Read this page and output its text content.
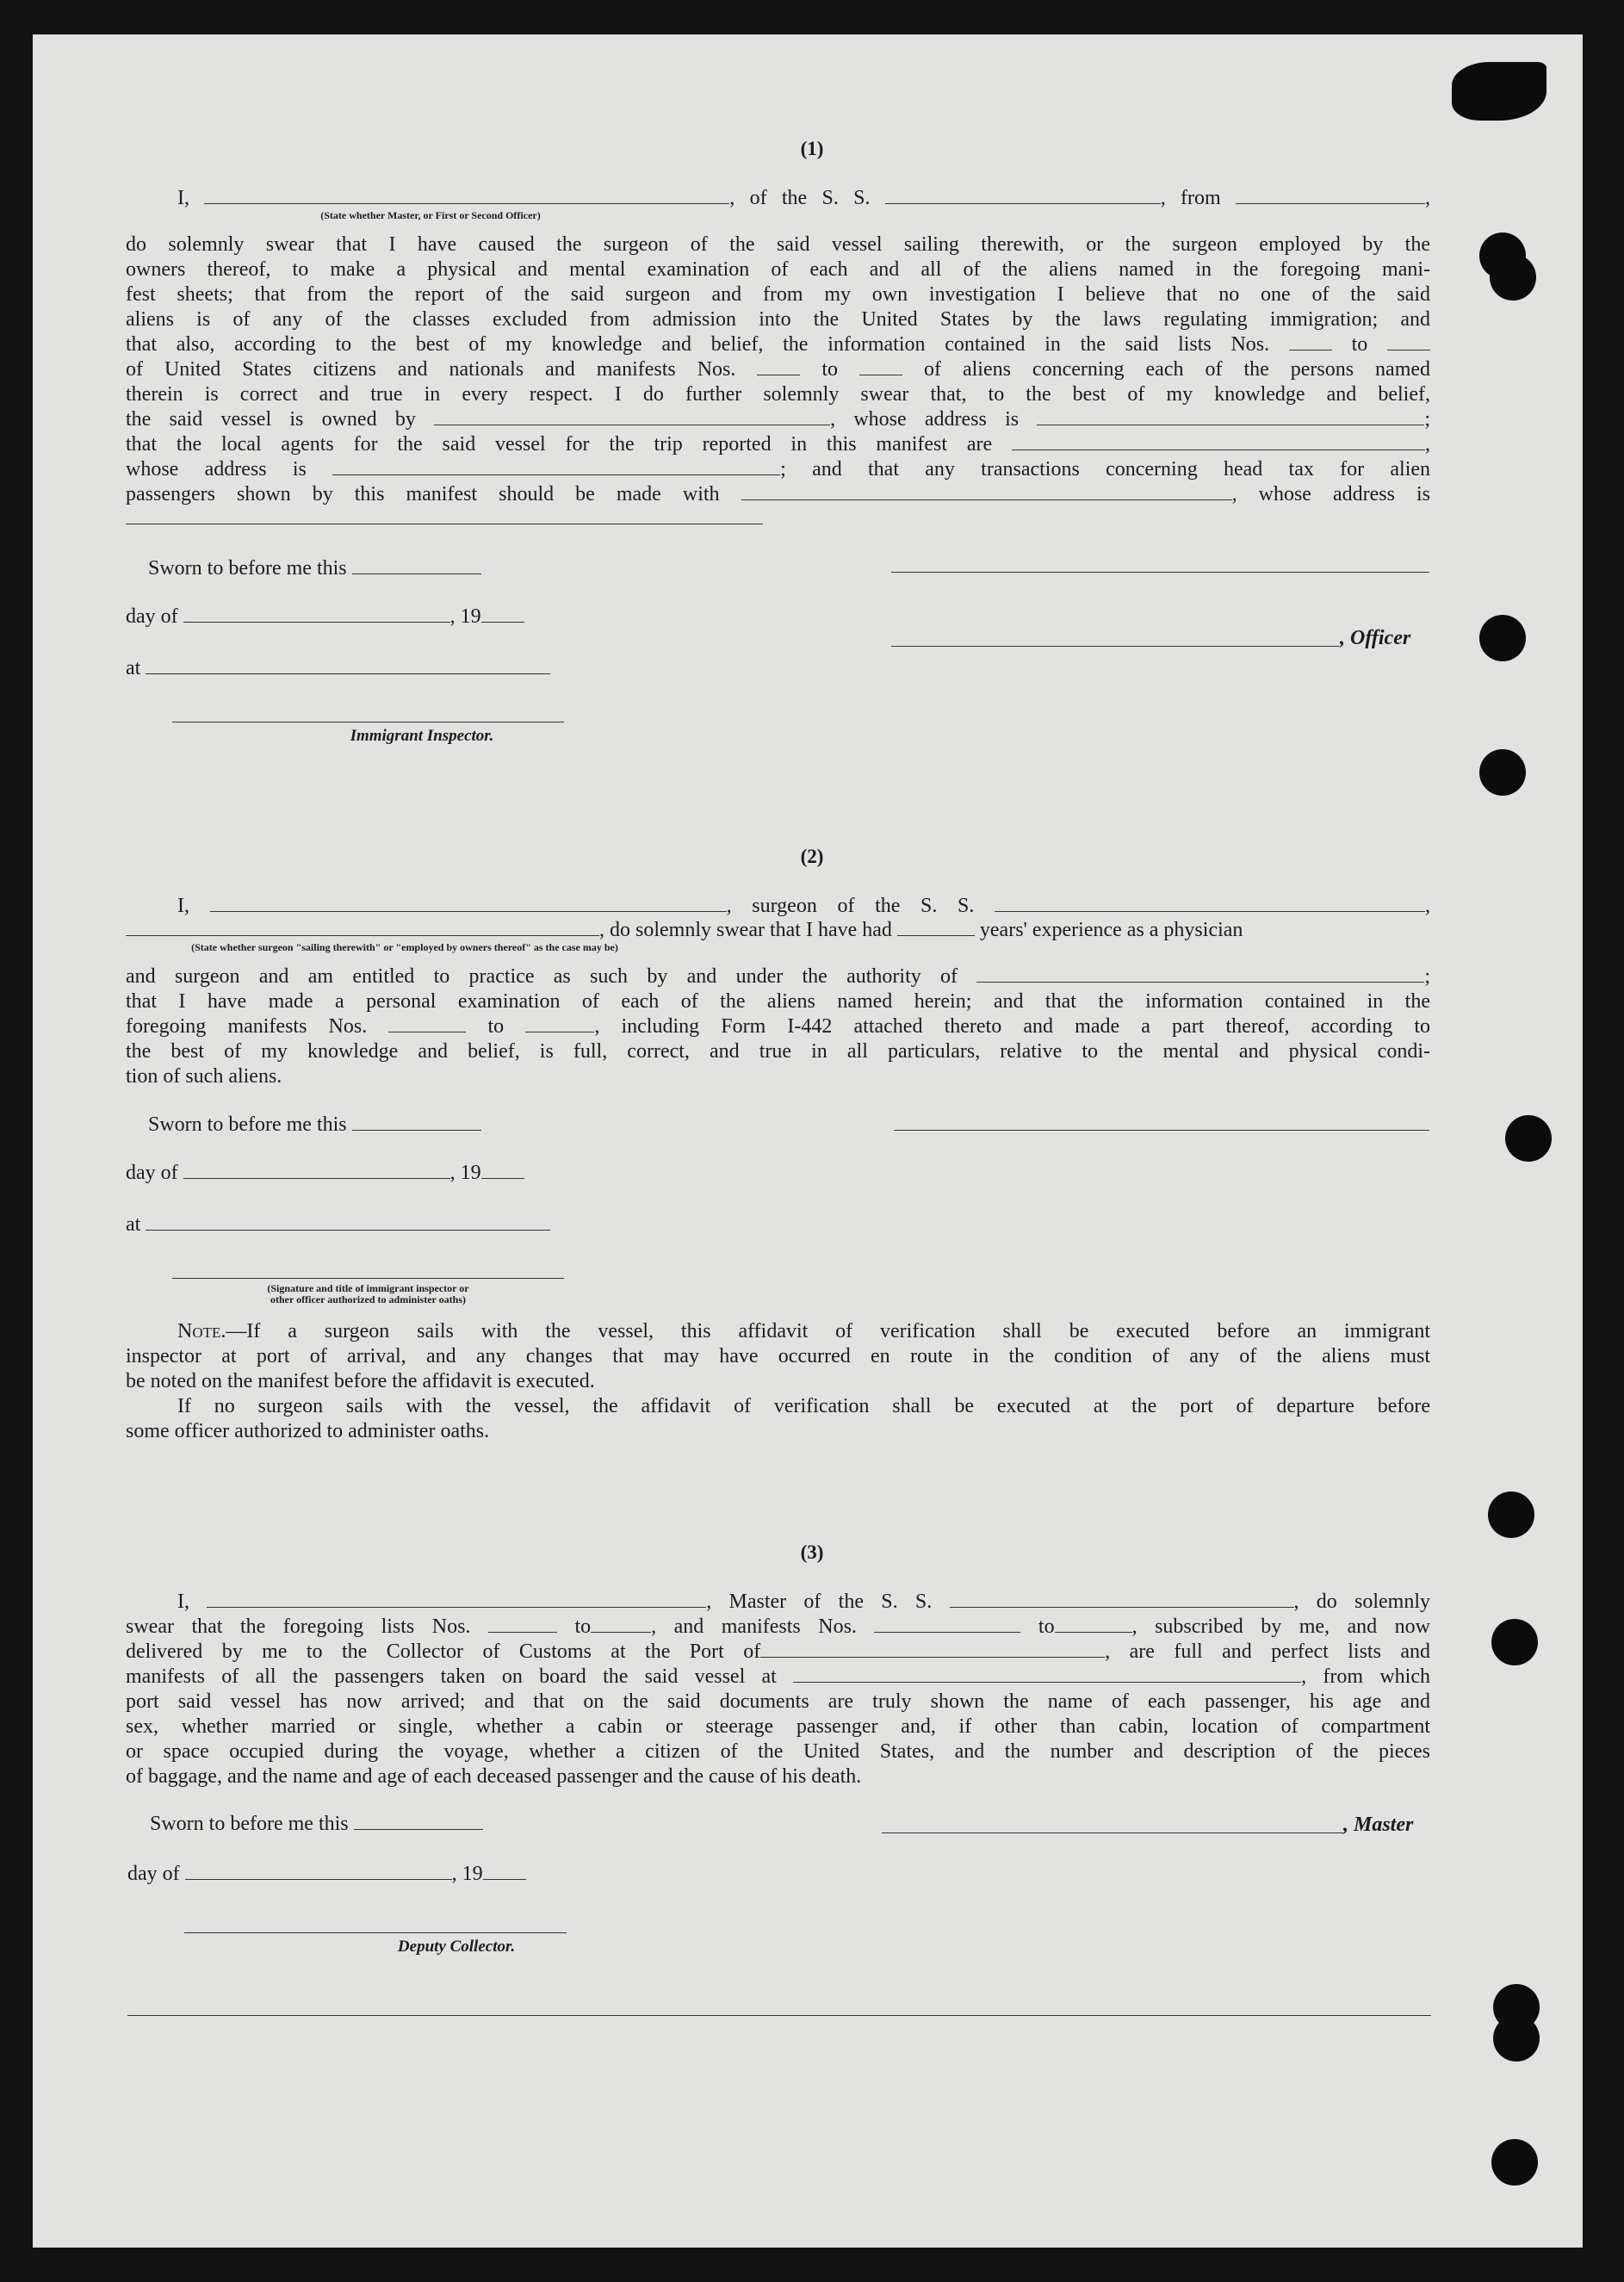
(1)
I,	, of the S. S.	, from	,
(State whether Master, or First or Second Officer)
do solemnly swear that I have caused the surgeon of the said vessel sailing therewith, or the surgeon employed by the
owners thereof, to make a physical and mental examination of each and all of the aliens named in the foregoing mani-
fest sheets; that from the report of the said surgeon and from my own investigation I believe that no one of the said
aliens is of any of the classes excluded from admission into the United States by the laws regulating immigration; and
that also, according to the best of my knowledge and belief, the information contained in the said lists Nos.	to
of United States citizens and nationals and manifests Nos.	to	of aliens concerning each of the persons named
therein is correct and true in every respect. I do further solemnly swear that, to the best of my knowledge and belief,
the said vessel is owned by	, whose address is	;
that the local agents for the said vessel for the trip reported in this manifest are	,
whose address is	; and that any transactions concerning head tax for alien
passengers shown by this manifest should be made with	, whose address is
Sworn to before me this
day of	, 19
at
Immigrant Inspector.
, Officer
(2)
I,	, surgeon of the S. S.	,
, do solemnly swear that I have had	years' experience as a physician
(State whether surgeon "sailing therewith" or "employed by owners thereof" as the case may be)
and surgeon and am entitled to practice as such by and under the authority of	;
that I have made a personal examination of each of the aliens named herein; and that the information contained in the
foregoing manifests Nos.	to	, including Form I-442 attached thereto and made a part thereof, according to
the best of my knowledge and belief, is full, correct, and true in all particulars, relative to the mental and physical condi-
tion of such aliens.
Sworn to before me this
day of	, 19
at
(Signature and title of immigrant inspector or
other officer authorized to administer oaths)
Note.—If a surgeon sails with the vessel, this affidavit of verification shall be executed before an immigrant
inspector at port of arrival, and any changes that may have occurred en route in the condition of any of the aliens must
be noted on the manifest before the affidavit is executed.
If no surgeon sails with the vessel, the affidavit of verification shall be executed at the port of departure before
some officer authorized to administer oaths.
(3)
I,	, Master of the S. S.	, do solemnly
swear that the foregoing lists Nos.	to	, and manifests Nos.	to	, subscribed by me, and now
delivered by me to the Collector of Customs at the Port of	, are full and perfect lists and
manifests of all the passengers taken on board the said vessel at	, from which
port said vessel has now arrived; and that on the said documents are truly shown the name of each passenger, his age and
sex, whether married or single, whether a cabin or steerage passenger and, if other than cabin, location of compartment
or space occupied during the voyage, whether a citizen of the United States, and the number and description of the pieces
of baggage, and the name and age of each deceased passenger and the cause of his death.
Sworn to before me this
day of	, 19
Deputy Collector.
, Master
